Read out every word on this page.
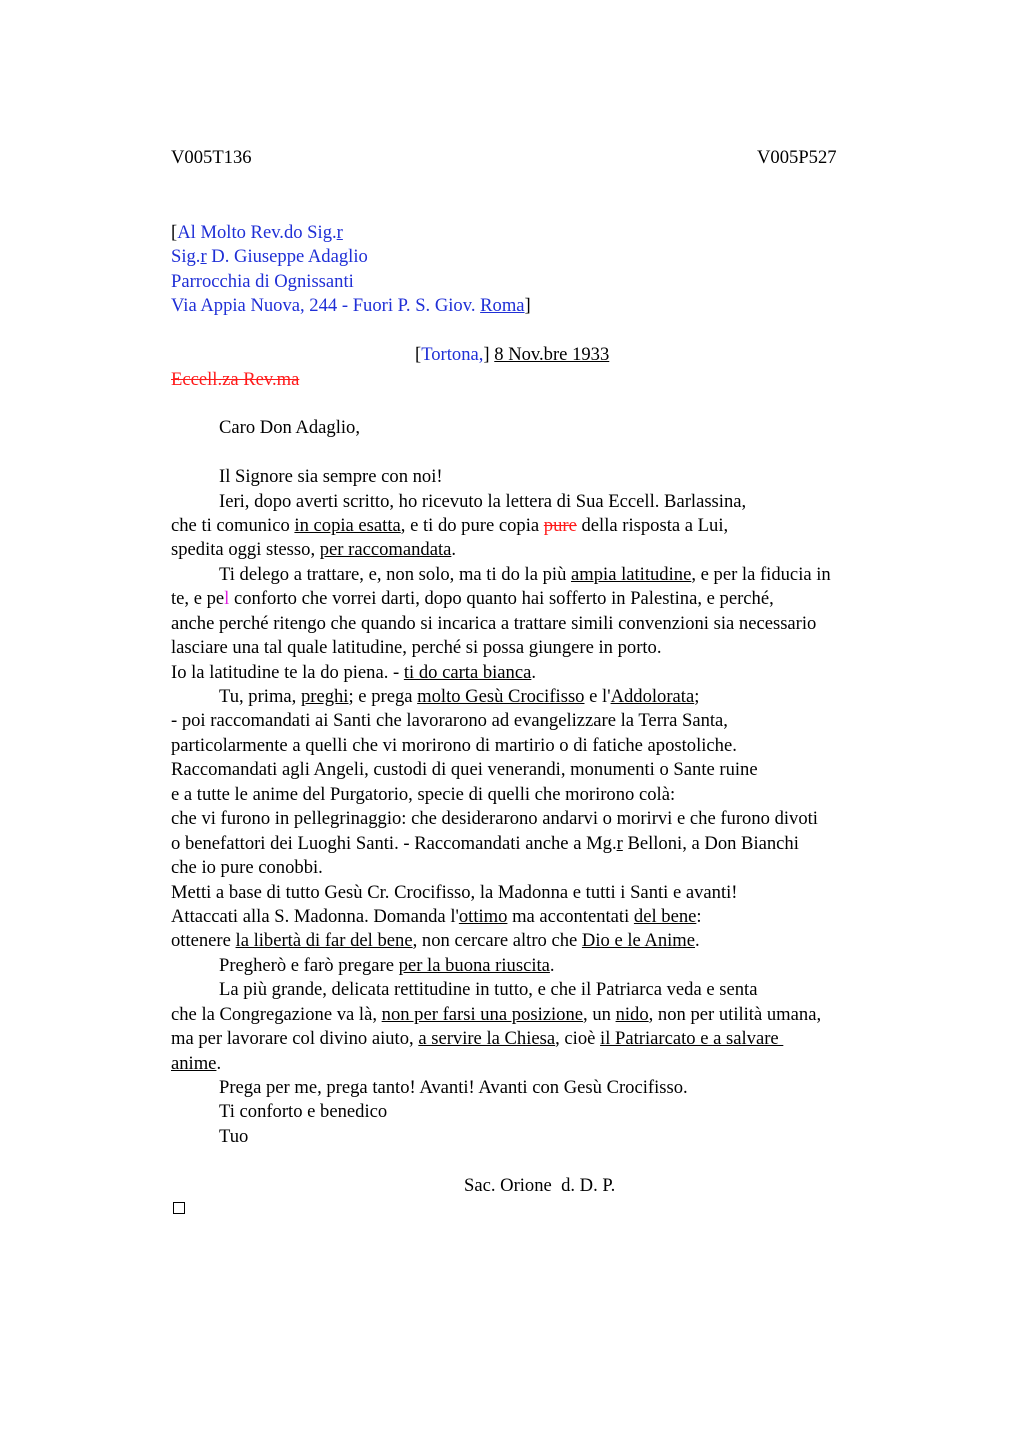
V005T136	V005P527
[Al Molto Rev.do Sig.r
Sig.r D. Giuseppe Adaglio
Parrocchia di Ognissanti
Via Appia Nuova, 244 - Fuori P. S. Giov. Roma]
[Tortona,] 8 Nov.bre 1933
Eccell.za Rev.ma
Caro Don Adaglio,
Il Signore sia sempre con noi!
Ieri, dopo averti scritto, ho ricevuto la lettera di Sua Eccell. Barlassina,
che ti comunico in copia esatta, e ti do pure copia pure della risposta a Lui,
spedita oggi stesso, per raccomandata.
Ti delego a trattare, e, non solo, ma ti do la più ampia latitudine, e per la fiducia in
te, e pel conforto che vorrei darti, dopo quanto hai sofferto in Palestina, e perché,
anche perché ritengo che quando si incarica a trattare simili convenzioni sia necessario
lasciare una tal quale latitudine, perché si possa giungere in porto.
Io la latitudine te la do piena. - ti do carta bianca.
Tu, prima, preghi; e prega molto Gesù Crocifisso e l'Addolorata;
- poi raccomandati ai Santi che lavorarono ad evangelizzare la Terra Santa,
particolarmente a quelli che vi morirono di martirio o di fatiche apostoliche.
Raccomandati agli Angeli, custodi di quei venerandi, monumenti o Sante ruine
e a tutte le anime del Purgatorio, specie di quelli che morirono colà:
che vi furono in pellegrinaggio: che desiderarono andarvi o morirvi e che furono divoti
o benefattori dei Luoghi Santi. - Raccomandati anche a Mg.r Belloni, a Don Bianchi
che io pure conobbi.
Metti a base di tutto Gesù Cr. Crocifisso, la Madonna e tutti i Santi e avanti!
Attaccati alla S. Madonna. Domanda l'ottimo ma accontentati del bene:
ottenere la libertà di far del bene, non cercare altro che Dio e le Anime.
Pregherò e farò pregare per la buona riuscita.
La più grande, delicata rettitudine in tutto, e che il Patriarca veda e senta
che la Congregazione va là, non per farsi una posizione, un nido, non per utilità umana,
ma per lavorare col divino aiuto, a servire la Chiesa, cioè il Patriarcato e a salvare
anime.
Prega per me, prega tanto! Avanti! Avanti con Gesù Crocifisso.
Ti conforto e benedico
Tuo
Sac. Orione  d. D. P.
